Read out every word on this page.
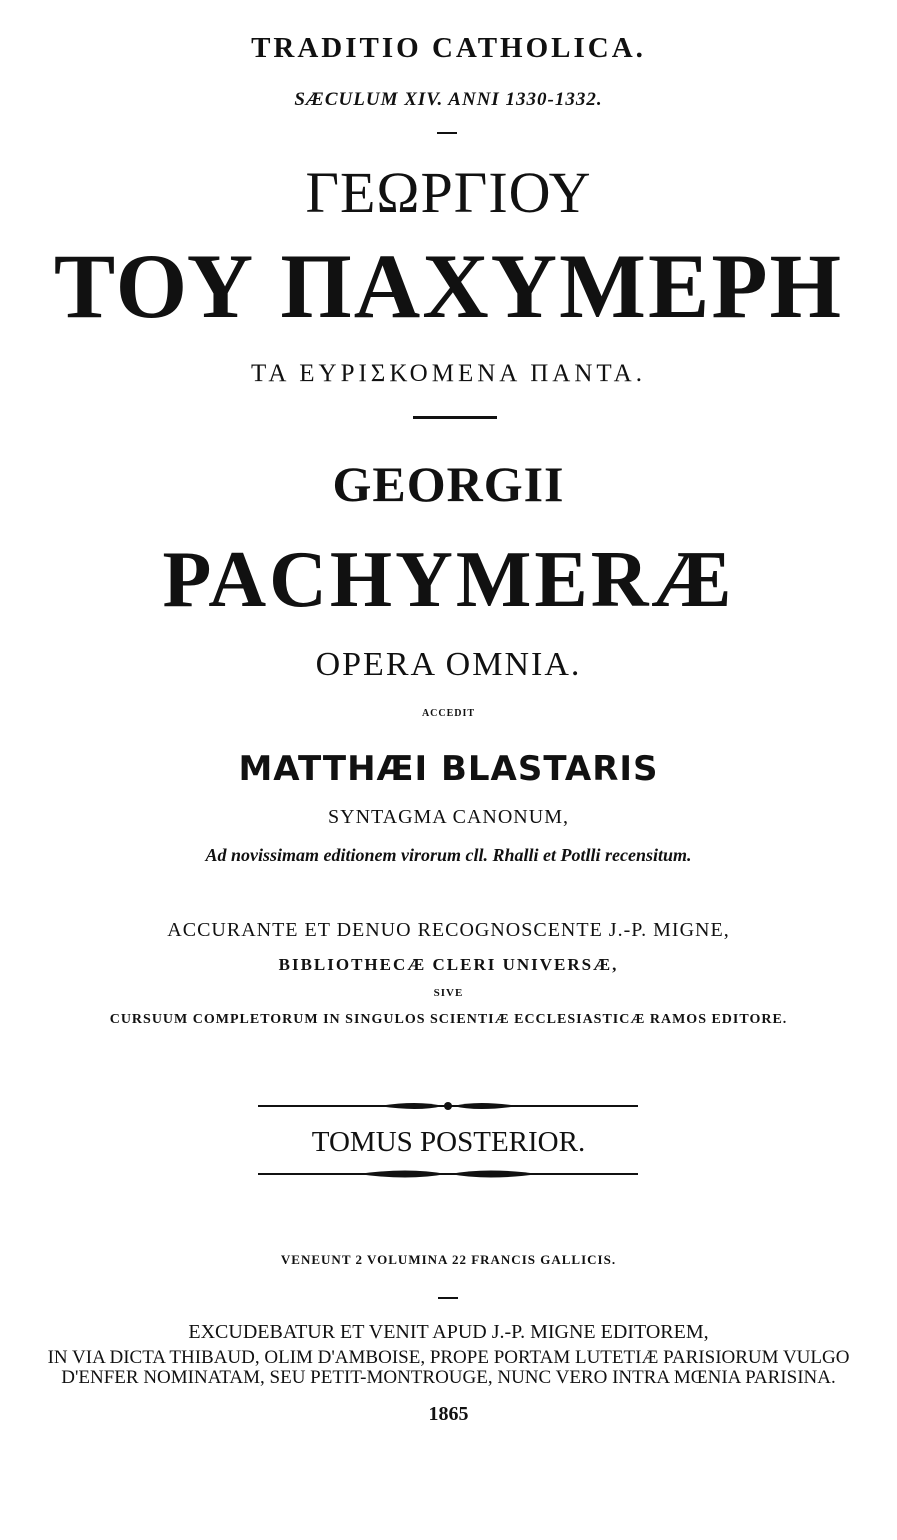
TRADITIO CATHOLICA.
SÆCULUM XIV. ANNI 1330-1332.
ΓΕΩΡΓΙΟΥ
ΤΟΥ ΠΑΧΥΜΕΡΗ
ΤΑ ΕΥΡΙΣΚΟΜΕΝΑ ΠΑΝΤΑ.
GEORGII
PACHYMERÆ
OPERA OMNIA.
ACCEDIT
MATTHÆI BLASTARIS
SYNTAGMA CANONUM,
Ad novissimam editionem virorum cll. Rhalli et Potlli recensitum.
ACCURANTE ET DENUO RECOGNOSCENTE J.-P. MIGNE,
BIBLIOTHECÆ CLERI UNIVERSÆ,
SIVE
CURSUUM COMPLETORUM IN SINGULOS SCIENTIÆ ECCLESIASTICÆ RAMOS EDITORE.
TOMUS POSTERIOR.
VENEUNT 2 VOLUMINA 22 FRANCIS GALLICIS.
EXCUDEBATUR ET VENIT APUD J.-P. MIGNE EDITOREM,
IN VIA DICTA THIBAUD, OLIM D'AMBOISE, PROPE PORTAM LUTETIÆ PARISIORUM VULGO
D'ENFER NOMINATAM, SEU PETIT-MONTROUGE, NUNC VERO INTRA MŒNIA PARISINA.
1865
